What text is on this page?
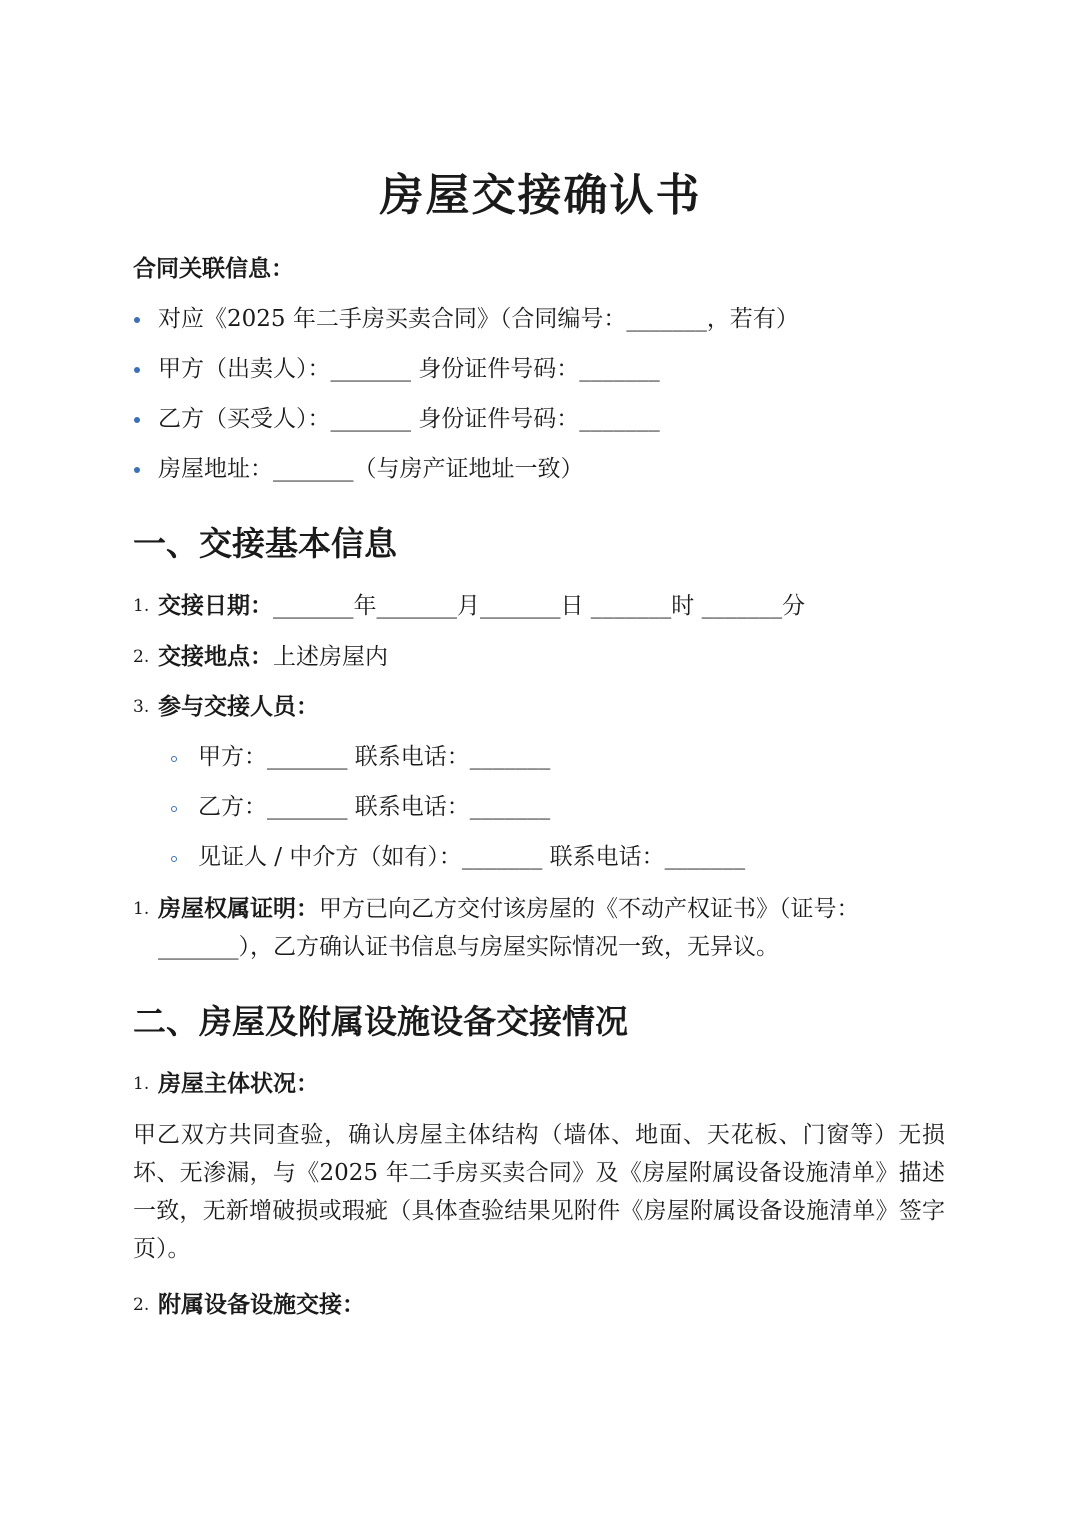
房屋交接确认书
合同关联信息：
对应《2025 年二手房买卖合同》（合同编号：_______，若有）
甲方（出卖人）：_______ 身份证件号码：_______
乙方（买受人）：_______ 身份证件号码：_______
房屋地址：_______（与房产证地址一致）
一、交接基本信息
1. 交接日期：_______年_______月_______日 _______时 _______分
2. 交接地点：上述房屋内
3. 参与交接人员：
甲方：_______ 联系电话：_______
乙方：_______ 联系电话：_______
见证人 / 中介方（如有）：_______ 联系电话：_______
1. 房屋权属证明：甲方已向乙方交付该房屋的《不动产权证书》（证号：
_______），乙方确认证书信息与房屋实际情况一致，无异议。
二、房屋及附属设施设备交接情况
1. 房屋主体状况：
甲乙双方共同查验，确认房屋主体结构（墙体、地面、天花板、门窗等）无损坏、无渗漏，与《2025 年二手房买卖合同》及《房屋附属设备设施清单》描述一致，无新增破损或瑕疵（具体查验结果见附件《房屋附属设备设施清单》签字页）。
2. 附属设备设施交接：
